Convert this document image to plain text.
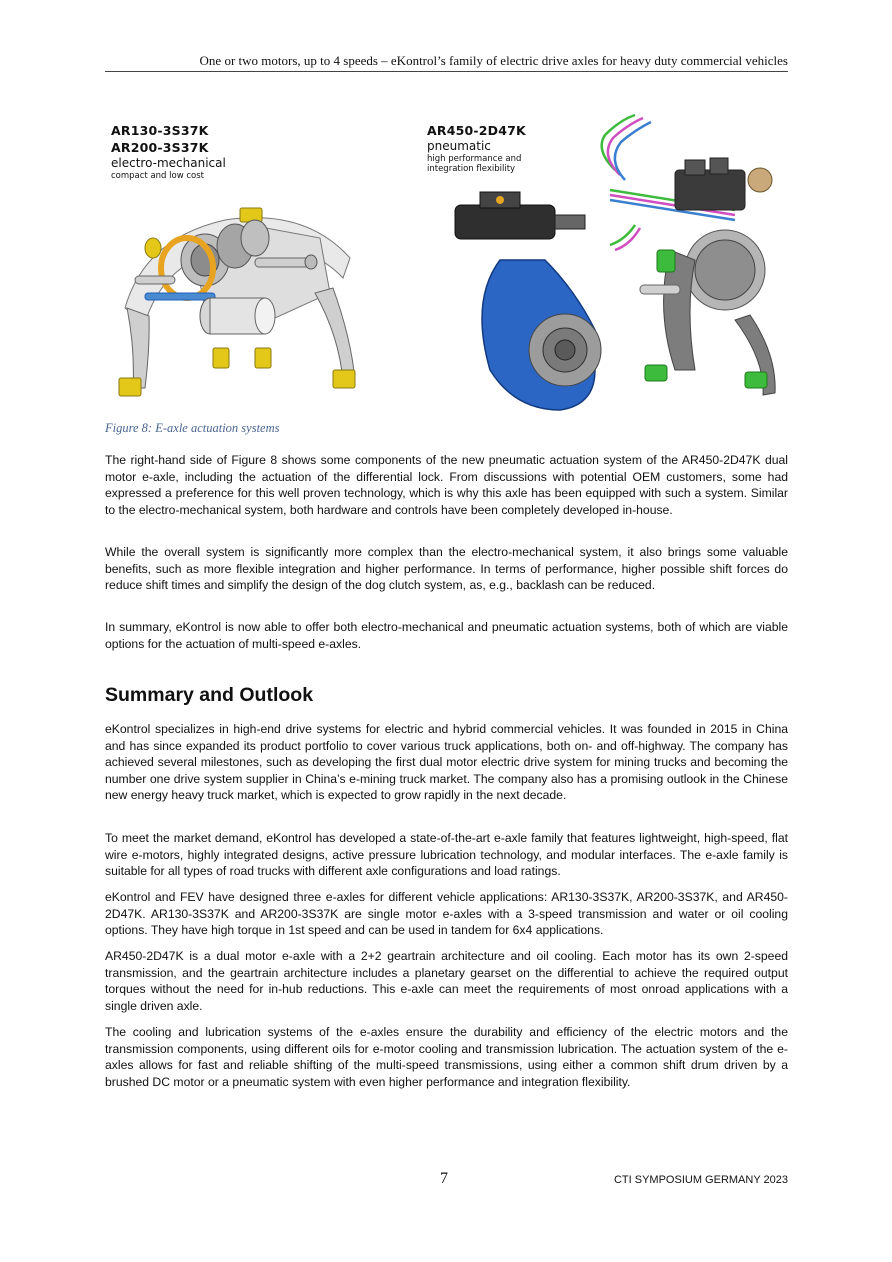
One or two motors, up to 4 speeds – eKontrol’s family of electric drive axles for heavy duty commercial vehicles
AR130-3S37K
AR200-3S37K
electro-mechanical
compact and low cost
AR450-2D47K
pneumatic
high performance and
integration flexibility
Figure 8: E-axle actuation systems

The right-hand side of Figure 8 shows some components of the new pneumatic actuation system of the AR450-2D47K dual motor e-axle, including the actuation of the differential lock. From discussions with potential OEM customers, some had expressed a preference for this well proven technology, which is why this axle has been equipped with such a system. Similar to the electro-mechanical system, both hardware and controls have been completely developed in-house.

While the overall system is significantly more complex than the electro-mechanical system, it also brings some valuable benefits, such as more flexible integration and higher performance. In terms of performance, higher possible shift forces do reduce shift times and simplify the design of the dog clutch system, as, e.g., backlash can be reduced.

In summary, eKontrol is now able to offer both electro-mechanical and pneumatic actuation systems, both of which are viable options for the actuation of multi-speed e-axles.

Summary and Outlook

eKontrol specializes in high-end drive systems for electric and hybrid commercial vehicles. It was founded in 2015 in China and has since expanded its product portfolio to cover various truck applications, both on- and off-highway. The company has achieved several milestones, such as developing the first dual motor electric drive system for mining trucks and becoming the number one drive system supplier in China’s e-mining truck market. The company also has a promising outlook in the Chinese new energy heavy truck market, which is expected to grow rapidly in the next decade.

To meet the market demand, eKontrol has developed a state-of-the-art e-axle family that features lightweight, high-speed, flat wire e-motors, highly integrated designs, active pressure lubrication technology, and modular interfaces. The e-axle family is suitable for all types of road trucks with different axle configurations and load ratings.

eKontrol and FEV have designed three e-axles for different vehicle applications: AR130-3S37K, AR200-3S37K, and AR450-2D47K. AR130-3S37K and AR200-3S37K are single motor e-axles with a 3-speed transmission and water or oil cooling options. They have high torque in 1st speed and can be used in tandem for 6x4 applications.

AR450-2D47K is a dual motor e-axle with a 2+2 geartrain architecture and oil cooling. Each motor has its own 2-speed transmission, and the geartrain architecture includes a planetary gearset on the differential to achieve the required output torques without the need for in-hub reductions. This e-axle can meet the requirements of most onroad applications with a single driven axle.

The cooling and lubrication systems of the e-axles ensure the durability and efficiency of the electric motors and the transmission components, using different oils for e-motor cooling and transmission lubrication. The actuation system of the e-axles allows for fast and reliable shifting of the multi-speed transmissions, using either a common shift drum driven by a brushed DC motor or a pneumatic system with even higher performance and integration flexibility.

7	CTI SYMPOSIUM GERMANY 2023
